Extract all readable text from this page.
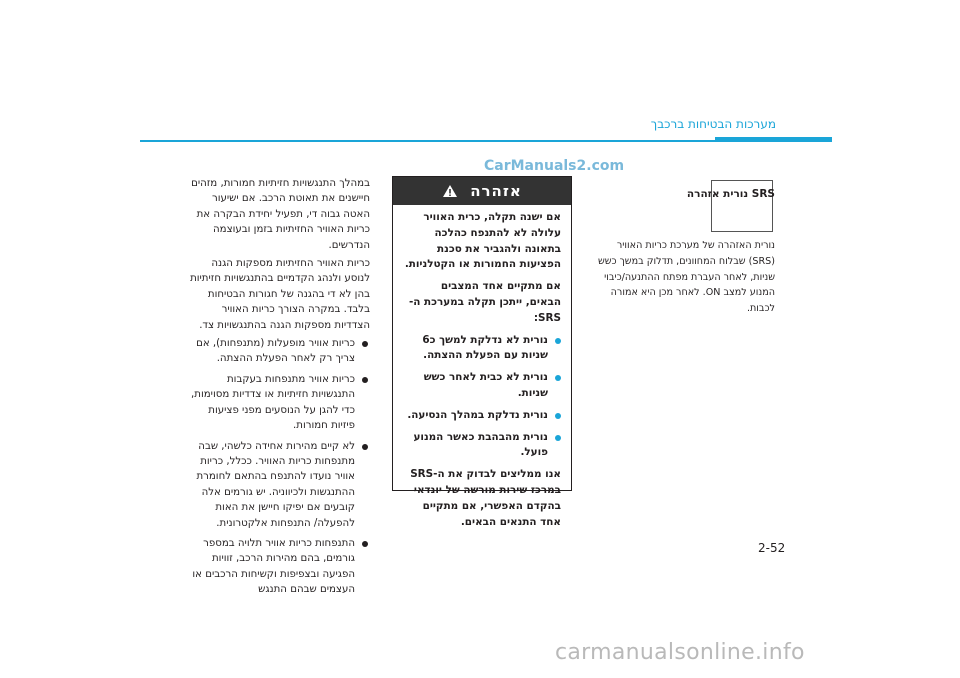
מערכות הבטיחות ברכבך
CarManuals2.com
SRS נורית אזהרה

נורית האזהרה של מערכת כריות האוויר (SRS) שבלוח המחוונים, תדלוק במשך כשש שניות, לאחר העברת מפתח ההתנעה/כיבוי המנוע למצב ON. לאחר מכן היא אמורה לכבות.

אזהרה

אם ישנה תקלה, כרית האוויר עלולה לא להתנפח כהלכה בתאונה ולהגביר את סכנת הפציעות החמורות או הקטלניות.

אם מתקיים אחד המצבים הבאים, ייתכן תקלה במערכת ה-SRS:

נורית לא נדלקת למשך כ6 שניות עם הפעלת ההצתה.
נורית לא כבית לאחר כשש שניות.
נורית נדלקת במהלך הנסיעה.
נורית מהבהבת כאשר המנוע פועל.

אנו ממליצים לבדוק את ה-SRS במרכז שירות מורשה של יונדאי בהקדם האפשרי, אם מתקיים אחד התנאים הבאים.

במהלך התנגשויות חזיתיות חמורות, מזהים חיישנים את תאוטת הרכב. אם ישיעור האטה גבוה די, תפעיל יחידת הבקרה את כריות האוויר החזיתיות בזמן ובעוצמה הנדרשים.

כריות האוויר החזיתיות מספקות הגנה לנוסע ולנהג הקדמיים בהתנגשויות חזיתיות בהן לא די בהגנה של חגורות הבטיחות בלבד. במקרה הצורך כריות האוויר הצדדיות מספקות הגנה בהתנגשויות צד.

כריות אוויר מופעלות (מתנפחות), אם צריך רק לאחר הפעלת ההצתה.
כריות אוויר מתנפחות בעקבות התנגשויות חזיתיות או צדדיות מסוימות, כדי להגן על הנוסעים מפני פציעות פיזיות חמורות.
לא קיים מהירות אחידה כלשהי, שבה מתנפחות כריות האוויר. ככלל, כריות אוויר נועדו להתנפח בהתאם לחומרת ההתנגשות ולכיווניה. יש גורמים אלה קובעים אם יפיקו חיישן את האות להפעלה/ התנפחות אלקטרונית.
התנפחות כריות אוויר תלויה במספר גורמים, בהם מהירות הרכב, זוויות הפגיעה ובצפיפות וקשיחות הרכבים או העצמים שבהם התנגש
2-52
carmanualsonline.info
